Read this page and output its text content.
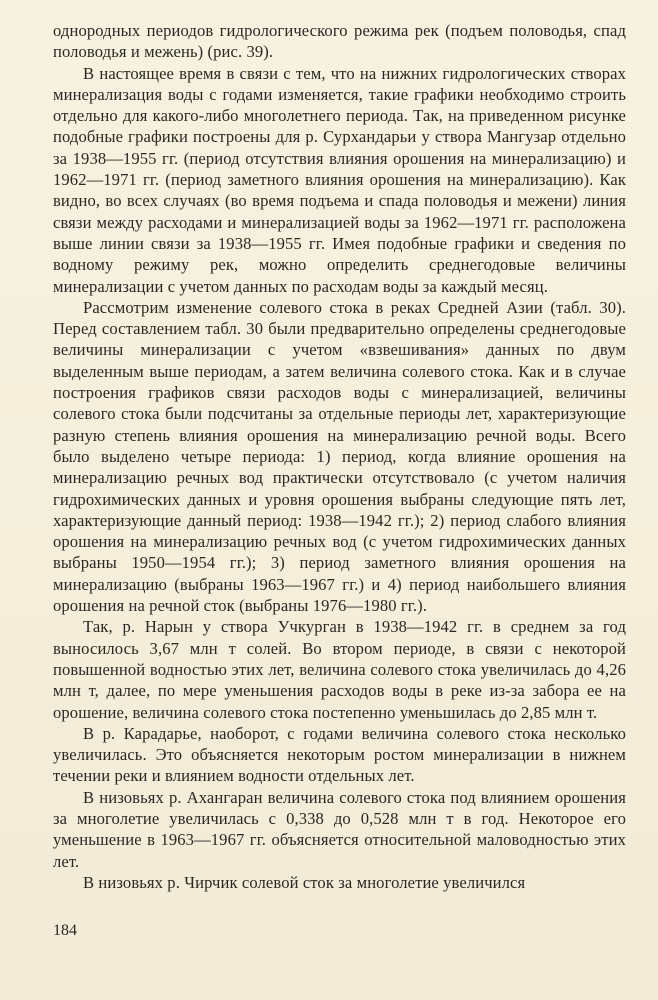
однородных периодов гидрологического режима рек (подъем половодья, спад половодья и межень) (рис. 39).

В настоящее время в связи с тем, что на нижних гидрологических створах минерализация воды с годами изменяется, такие графики необходимо строить отдельно для какого-либо многолетнего периода. Так, на приведенном рисунке подобные графики построены для р. Сурхандарьи у створа Мангузар отдельно за 1938—1955 гг. (период отсутствия влияния орошения на минерализацию) и 1962—1971 гг. (период заметного влияния орошения на минерализацию). Как видно, во всех случаях (во время подъема и спада половодья и межени) линия связи между расходами и минерализацией воды за 1962—1971 гг. расположена выше линии связи за 1938—1955 гг. Имея подобные графики и сведения по водному режиму рек, можно определить среднегодовые величины минерализации с учетом данных по расходам воды за каждый месяц.

Рассмотрим изменение солевого стока в реках Средней Азии (табл. 30). Перед составлением табл. 30 были предварительно определены среднегодовые величины минерализации с учетом «взвешивания» данных по двум выделенным выше периодам, а затем величина солевого стока. Как и в случае построения графиков связи расходов воды с минерализацией, величины солевого стока были подсчитаны за отдельные периоды лет, характеризующие разную степень влияния орошения на минерализацию речной воды. Всего было выделено четыре периода: 1) период, когда влияние орошения на минерализацию речных вод практически отсутствовало (с учетом наличия гидрохимических данных и уровня орошения выбраны следующие пять лет, характеризующие данный период: 1938—1942 гг.); 2) период слабого влияния орошения на минерализацию речных вод (с учетом гидрохимических данных выбраны 1950—1954 гг.); 3) период заметного влияния орошения на минерализацию (выбраны 1963—1967 гг.) и 4) период наибольшего влияния орошения на речной сток (выбраны 1976—1980 гг.).

Так, р. Нарын у створа Учкурган в 1938—1942 гг. в среднем за год выносилось 3,67 млн т солей. Во втором периоде, в связи с некоторой повышенной водностью этих лет, величина солевого стока увеличилась до 4,26 млн т, далее, по мере уменьшения расходов воды в реке из-за забора ее на орошение, величина солевого стока постепенно уменьшилась до 2,85 млн т.

В р. Карадарье, наоборот, с годами величина солевого стока несколько увеличилась. Это объясняется некоторым ростом минерализации в нижнем течении реки и влиянием водности отдельных лет.

В низовьях р. Ахангаран величина солевого стока под влиянием орошения за многолетие увеличилась с 0,338 до 0,528 млн т в год. Некоторое его уменьшение в 1963—1967 гг. объясняется относительной маловодностью этих лет.

В низовьях р. Чирчик солевой сток за многолетие увеличился

184
